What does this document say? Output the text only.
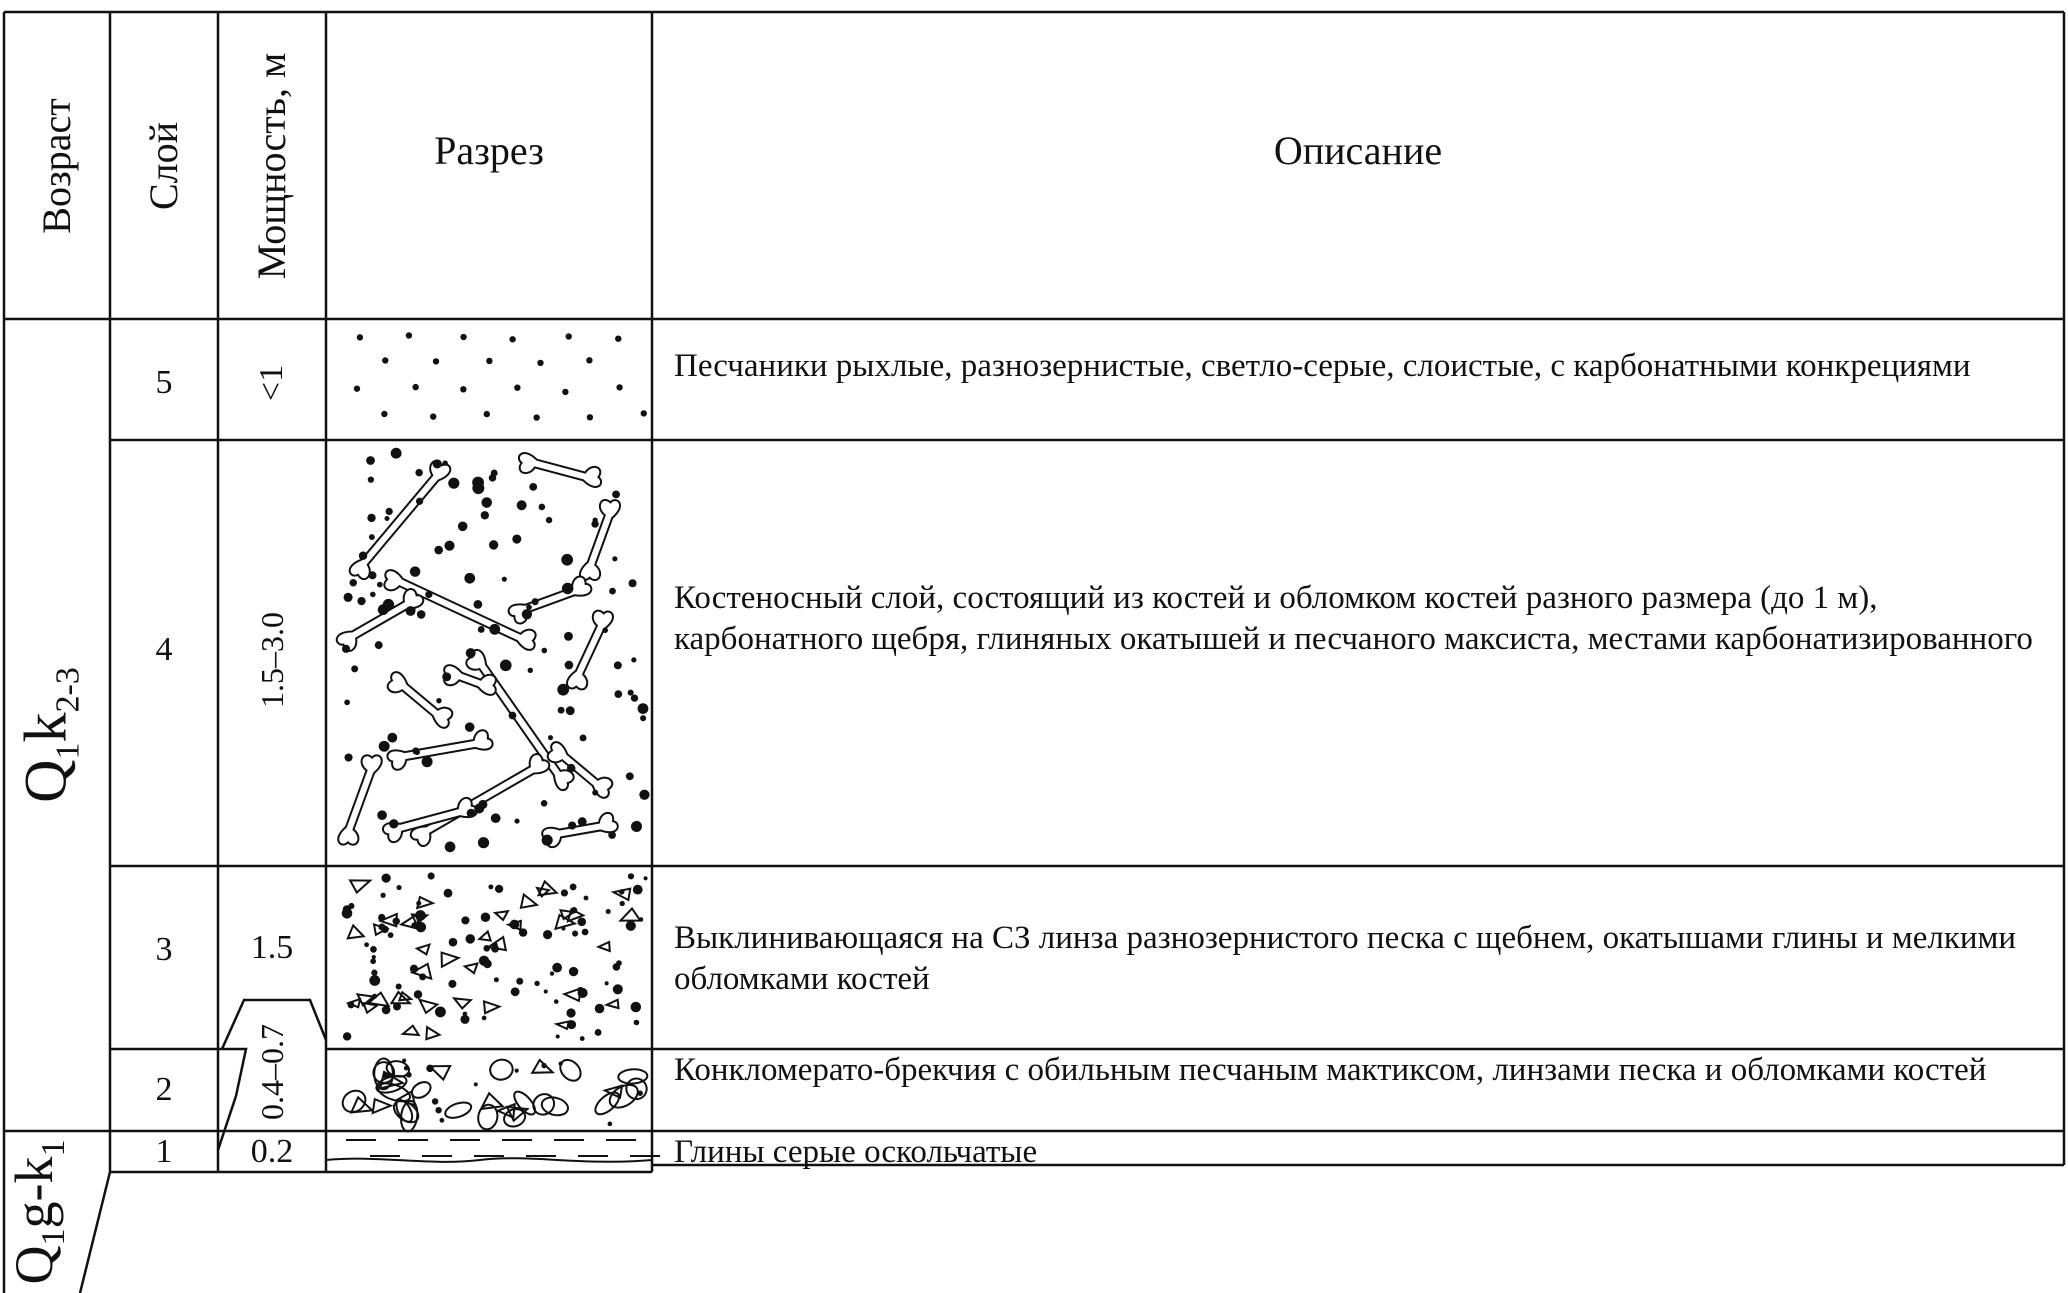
Возраст Слой Мощность, м	Разрез	Описание
$Q_1k_{2-3}$
$Q_1g-k_1$
5
4
3
2
1
<1
1.5–3.0
1.5
0.4–0.7
0.2
Песчаники рыхлые, разнозернистые, светло-серые, слоистые, с карбонатными конкрециями
Костеносный слой, состоящий из костей и обломком костей разного размера (до 1 м), карбонатного щебря, глиняных окатышей и песчаного максиста, местами карбонатизированного
Выклинивающаяся на СЗ линза разнозернистого песка с щебнем, окатышами глины и мелкими обломками костей
Конкломерато-брекчия с обильным песчаным мактиксом, линзами песка и обломками костей
Глины серые оскольчатые
